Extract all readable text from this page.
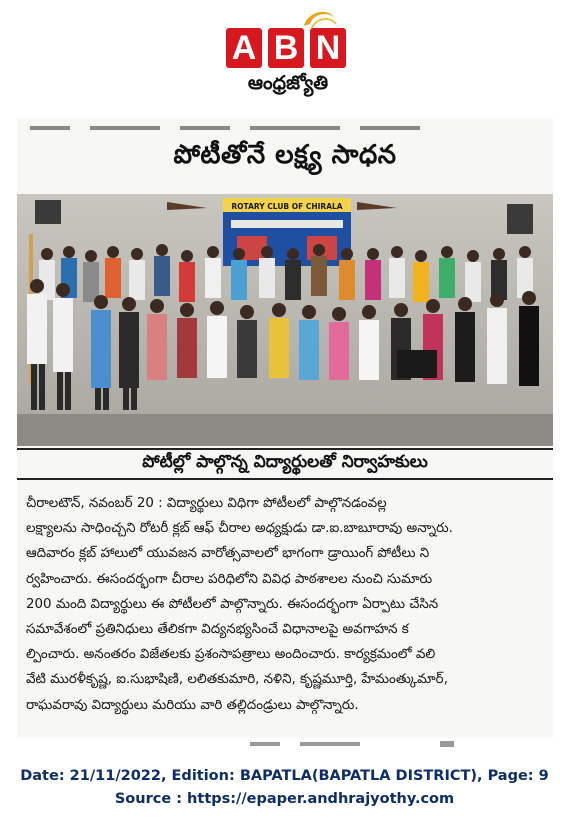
A B N
ఆంధ్రజ్యోతి
పోటీతోనే లక్ష్య సాధన
ROTARY CLUB OF CHIRALA
పోటీల్లో పాల్గొన్న విద్యార్థులతో నిర్వాహకులు
చీరాలటౌన్, నవంబర్ 20 : విద్యార్థులు విధిగా పోటీలలో పాల్గొనడంవల్ల
లక్ష్యాలను సాధించ్చని రోటరీ క్లబ్ ఆఫ్ చీరాల అధ్యక్షుడు డా.ఐ.బాబూరావు అన్నారు.
ఆదివారం క్లబ్ హాలులో యువజన వారోత్సవాలలో భాగంగా డ్రాయింగ్ పోటీలు ని
ర్వహించారు. ఈసందర్భంగా చీరాల పరిధిలోని వివిధ పాఠశాలల నుంచి సుమారు
200 మంది విద్యార్థులు ఈ పోటీలలో పాల్గొన్నారు. ఈసందర్భంగా ఏర్పాటు చేసిన
సమావేశంలో ప్రతినిధులు తేలికగా విద్యనభ్యసించే విధానాలపై అవగాహన క
ల్పించారు. అనంతరం విజేతలకు ప్రశంసాపత్రాలు అందించారు. కార్యక్రమంలో వలి
వేటి మురళీకృష్ణ, ఐ.సుభాషిణి, లలితకుమారి, నళిని, కృష్ణమూర్తి, హేమంత్కుమార్,
రాఘవరావు విద్యార్థులు మరియు వారి తల్లిదండ్రులు పాల్గొన్నారు.
Date: 21/11/2022, Edition: BAPATLA(BAPATLA DISTRICT), Page: 9
Source : https://epaper.andhrajyothy.com
